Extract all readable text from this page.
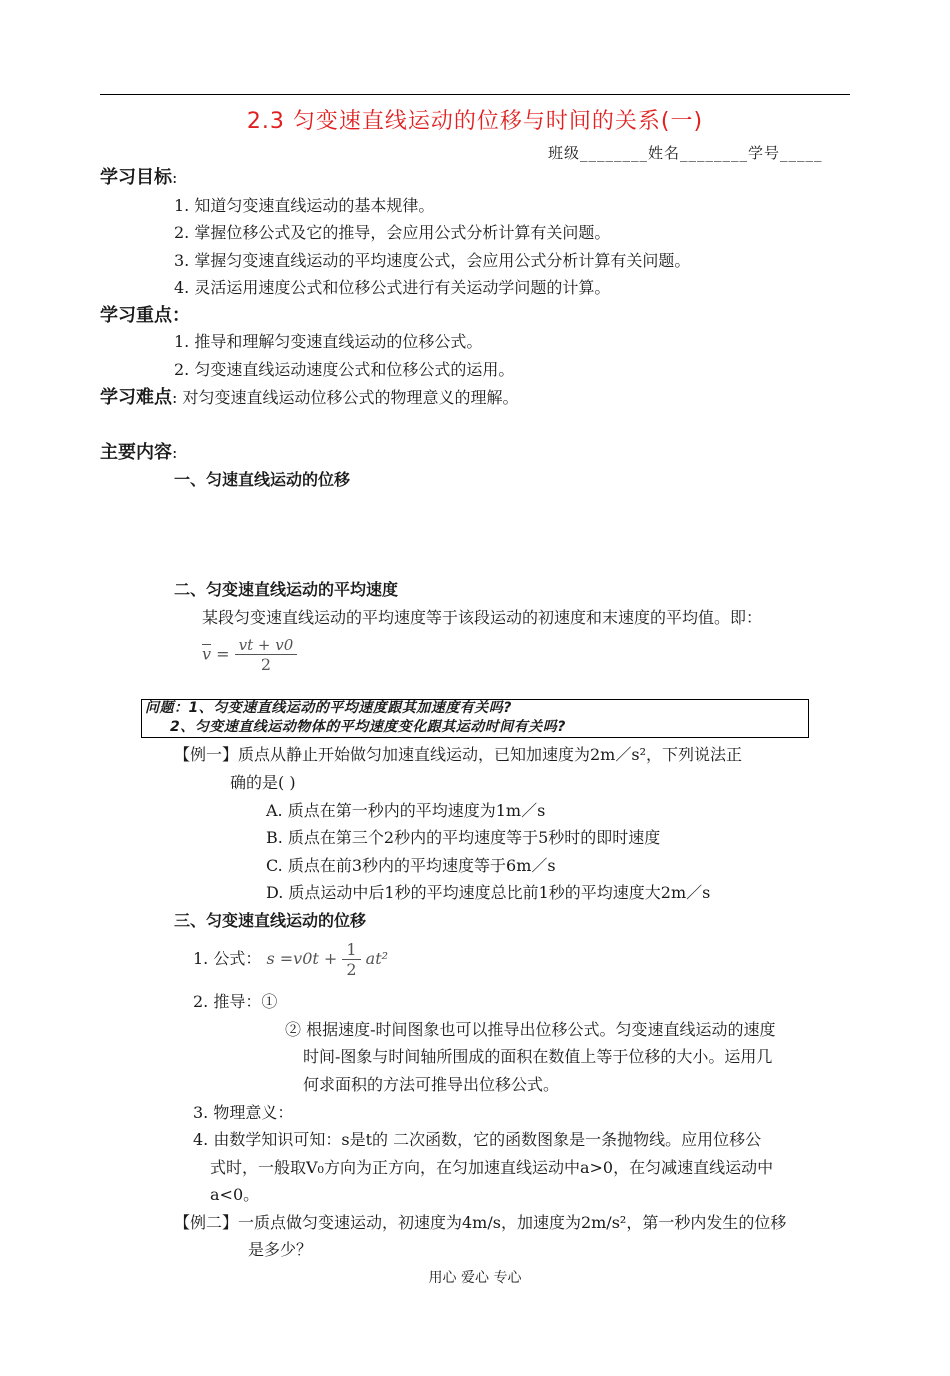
2.3 匀变速直线运动的位移与时间的关系(一)
班级________姓名________学号_____
学习目标:
1. 知道匀变速直线运动的基本规律。
2. 掌握位移公式及它的推导，会应用公式分析计算有关问题。
3. 掌握匀变速直线运动的平均速度公式，会应用公式分析计算有关问题。
4. 灵活运用速度公式和位移公式进行有关运动学问题的计算。
学习重点：
1. 推导和理解匀变速直线运动的位移公式。
2. 匀变速直线运动速度公式和位移公式的运用。
学习难点: 对匀变速直线运动位移公式的物理意义的理解。
主要内容:
一、匀速直线运动的位移
二、匀变速直线运动的平均速度
某段匀变速直线运动的平均速度等于该段运动的初速度和末速度的平均值。即：
$\overline{v} = \frac{vt + v0}{2}$
问题：1、匀变速直线运动的平均速度跟其加速度有关吗?
2、匀变速直线运动物体的平均速度变化跟其运动时间有关吗?
【例一】质点从静止开始做匀加速直线运动，已知加速度为2m／s²，下列说法正
确的是( )
A. 质点在第一秒内的平均速度为1m／s
B. 质点在第三个2秒内的平均速度等于5秒时的即时速度
C. 质点在前3秒内的平均速度等于6m／s
D. 质点运动中后1秒的平均速度总比前1秒的平均速度大2m／s
三、匀变速直线运动的位移
1. 公式： $s =v0t + \frac{1}{2} at^2$
2. 推导：①
② 根据速度-时间图象也可以推导出位移公式。匀变速直线运动的速度
时间-图象与时间轴所围成的面积在数值上等于位移的大小。运用几
何求面积的方法可推导出位移公式。
3. 物理意义：
4. 由数学知识可知：s是t的 二次函数，它的函数图象是一条抛物线。应用位移公
式时，一般取V₀方向为正方向，在匀加速直线运动中a>0，在匀减速直线运动中
a<0。
【例二】一质点做匀变速运动，初速度为4m/s，加速度为2m/s²，第一秒内发生的位移
是多少？
用心 爱心 专心
